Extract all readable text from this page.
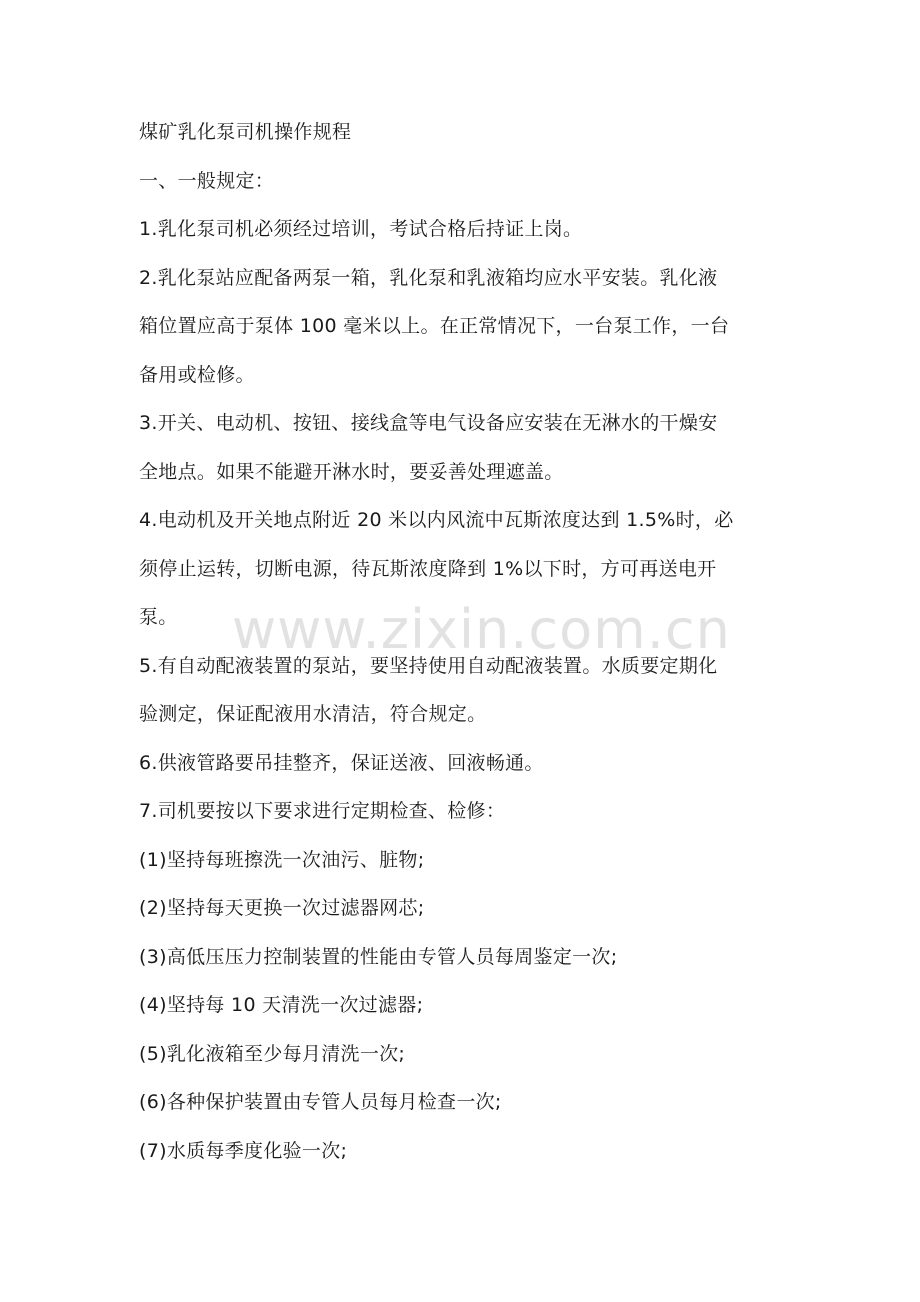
煤矿乳化泵司机操作规程
一、一般规定：
1.乳化泵司机必须经过培训，考试合格后持证上岗。
2.乳化泵站应配备两泵一箱，乳化泵和乳液箱均应水平安装。乳化液
箱位置应高于泵体 100 毫米以上。在正常情况下，一台泵工作，一台
备用或检修。
3.开关、电动机、按钮、接线盒等电气设备应安装在无淋水的干燥安
全地点。如果不能避开淋水时，要妥善处理遮盖。
4.电动机及开关地点附近 20 米以内风流中瓦斯浓度达到 1.5%时，必
须停止运转，切断电源，待瓦斯浓度降到 1%以下时，方可再送电开
泵。
5.有自动配液装置的泵站，要坚持使用自动配液装置。水质要定期化
验测定，保证配液用水清洁，符合规定。
6.供液管路要吊挂整齐，保证送液、回液畅通。
7.司机要按以下要求进行定期检查、检修：
(1)坚持每班擦洗一次油污、脏物;
(2)坚持每天更换一次过滤器网芯;
(3)高低压压力控制装置的性能由专管人员每周鉴定一次;
(4)坚持每 10 天清洗一次过滤器;
(5)乳化液箱至少每月清洗一次;
(6)各种保护装置由专管人员每月检查一次;
(7)水质每季度化验一次;
www.zixin.com.cn
